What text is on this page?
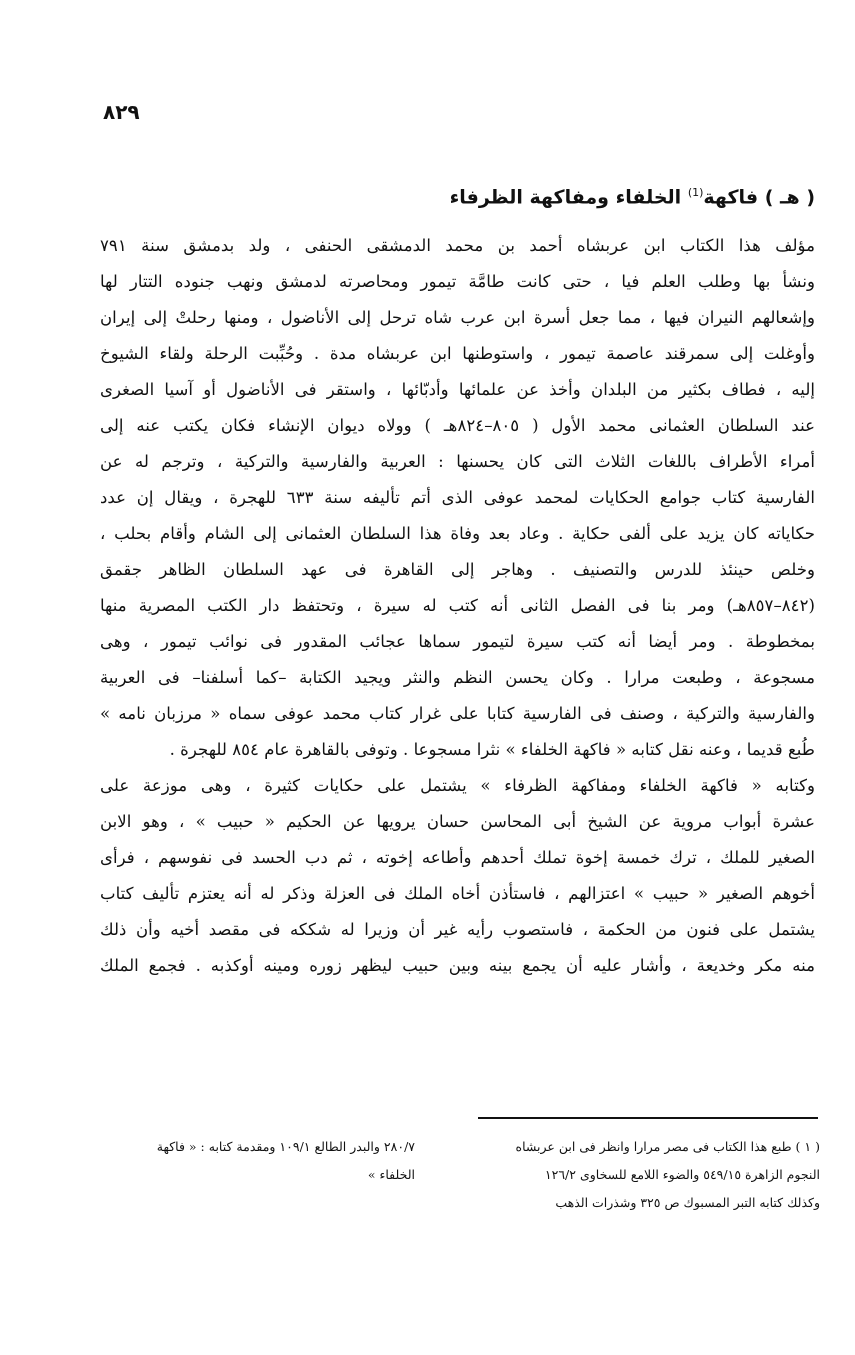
٨٢٩
( هـ ) فاكهة$^{(1)}$ الخلفاء ومفاكهة الظرفاء
مؤلف هذا الكتاب ابن عربشاه أحمد بن محمد الدمشقى الحنفى ، ولد بدمشق سنة ٧٩١
ونشأ بها وطلب العلم فيا ، حتى كانت طامَّة تيمور ومحاصرته لدمشق ونهب جنوده التتار لها
وإشعالهم النيران فيها ، مما جعل أسرة ابن عرب شاه ترحل إلى الأناضول ، ومنها رحلتْ إلى إيران
وأوغلت إلى سمرقند عاصمة تيمور ، واستوطنها ابن عربشاه مدة . وحُبِّبت الرحلة ولقاء الشيوخ
إليه ، فطاف بكثير من البلدان وأخذ عن علمائها وأدبّائها ، واستقر فى الأناضول أو آسيا الصغرى
عند السلطان العثمانى محمد الأول ( ٨٠٥–٨٢٤هـ ) وولاه ديوان الإنشاء فكان يكتب عنه إلى
أمراء الأطراف باللغات الثلاث التى كان يحسنها : العربية والفارسية والتركية ، وترجم له عن
الفارسية كتاب جوامع الحكايات لمحمد عوفى الذى أتم تأليفه سنة ٦٣٣ للهجرة ، ويقال إن عدد
حكاياته كان يزيد على ألفى حكاية . وعاد بعد وفاة هذا السلطان العثمانى إلى الشام وأقام بحلب ،
وخلص حينئذ للدرس والتصنيف . وهاجر إلى القاهرة فى عهد السلطان الظاهر جقمق
(٨٤٢–٨٥٧هـ) ومر بنا فى الفصل الثانى أنه كتب له سيرة ، وتحتفظ دار الكتب المصرية منها
بمخطوطة . ومر أيضا أنه كتب سيرة لتيمور سماها عجائب المقدور فى نوائب تيمور ، وهى
مسجوعة ، وطبعت مرارا . وكان يحسن النظم والنثر ويجيد الكتابة –كما أسلفنا– فى العربية
والفارسية والتركية ، وصنف فى الفارسية كتابا على غرار كتاب محمد عوفى سماه « مرزبان نامه »
طُبع قديما ، وعنه نقل كتابه « فاكهة الخلفاء » نثرا مسجوعا . وتوفى بالقاهرة عام ٨٥٤ للهجرة .
وكتابه « فاكهة الخلفاء ومفاكهة الظرفاء » يشتمل على حكايات كثيرة ، وهى موزعة على
عشرة أبواب مروية عن الشيخ أبى المحاسن حسان يرويها عن الحكيم « حبيب » ، وهو الابن
الصغير للملك ، ترك خمسة إخوة تملك أحدهم وأطاعه إخوته ، ثم دب الحسد فى نفوسهم ، فرأى
أخوهم الصغير « حبيب » اعتزالهم ، فاستأذن أخاه الملك فى العزلة وذكر له أنه يعتزم تأليف كتاب
يشتمل على فنون من الحكمة ، فاستصوب رأيه غير أن وزيرا له شككه فى مقصد أخيه وأن ذلك
منه مكر وخديعة ، وأشار عليه أن يجمع بينه وبين حبيب ليظهر زوره ومينه أوكذبه . فجمع الملك
( ١ ) طبع هذا الكتاب فى مصر مرارا وانظر فى ابن عربشاه
النجوم الزاهرة ٥٤٩/١٥ والضوء اللامع للسخاوى ١٢٦/٢
وكذلك كتابه التبر المسبوك ص ٣٢٥ وشذرات الذهب
٢٨٠/٧ والبدر الطالع ١٠٩/١ ومقدمة كتابه : « فاكهة
الخلفاء »
